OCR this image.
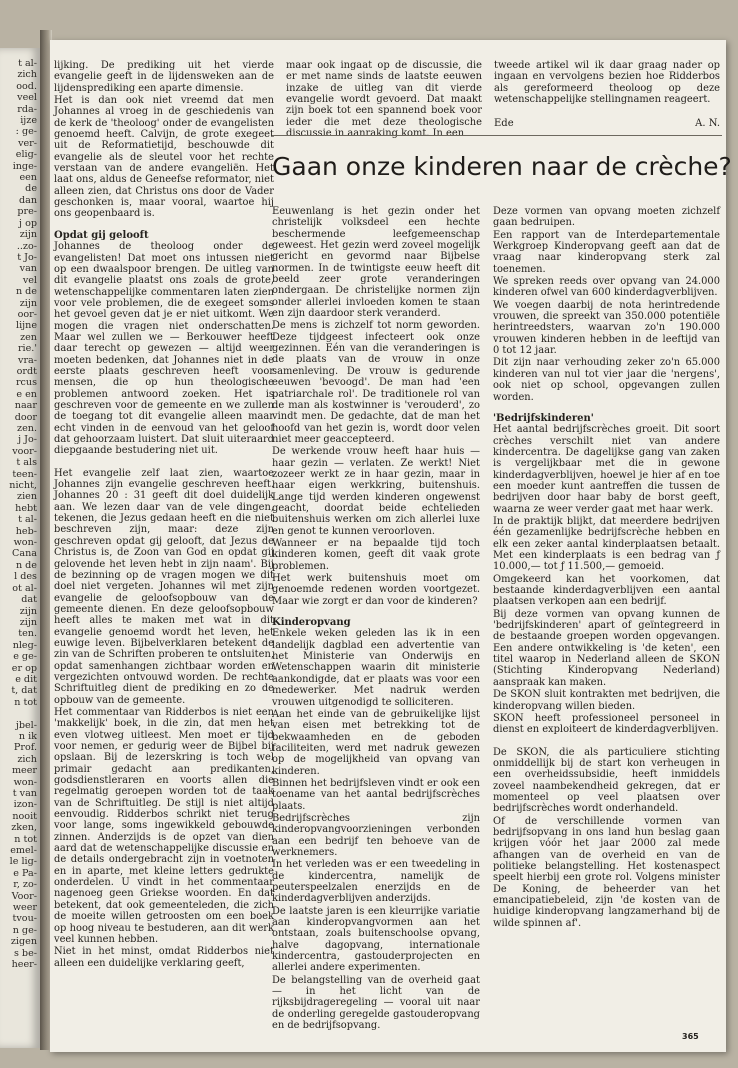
t al-
zich
ood.
veel
rda-
ijze
: ge-
ver-
elig-
inge-
een
de
dan
pre-
j op
zijn
..zo-
t Jo-
van
vel
n de
zijn
oor-
lijne
zen
rie.'
vra-
ordt
rcus
e en
naar
door
zen.
j Jo-
voor-
t als
teen-
nicht,
zien
hebt
t al-
heb-
won-
Cana
n de
l des
ot al-
dat
zijn
zijn
ten.
nleg-
e ge-
er op
e dit
t, dat
n tot

jbel-
n ik
Prof.
zich
meer
won-
t van
izon-
nooit
zken,
n tot
emel-
le lig-
e Pa-
r, zo-
Voor-
weer
tvou-
n ge-
zigen
s be-
heer-

lijking. De prediking uit het vierde evangelie geeft in de lijdensweken aan de lijdensprediking een aparte dimensie.

Het is dan ook niet vreemd dat men Johannes al vroeg in de geschiedenis van de kerk de 'theoloog' onder de evangelisten genoemd heeft. Calvijn, de grote exegeet uit de Reformatietijd, beschouwde dit evangelie als de sleutel voor het rechte verstaan van de andere evangeliën. Het laat ons, aldus de Geneefse reformator, niet alleen zien, dat Christus ons door de Vader geschonken is, maar vooral, waartoe hij ons geopenbaard is.

Opdat gij gelooft

Johannes de theoloog onder de evangelisten! Dat moet ons intussen niet op een dwaalspoor brengen. De uitleg van dit evangelie plaatst ons zoals de grote, wetenschappelijke commentaren laten zien voor vele problemen, die de exegeet soms het gevoel geven dat je er niet uitkomt. We mogen die vragen niet onderschatten. Maar wel zullen we — Berkouwer heeft daar terecht op gewezen — altijd weer moeten bedenken, dat Johannes niet in de eerste plaats geschreven heeft voor mensen, die op hun theologische problemen antwoord zoeken. Het is geschreven voor de gemeente en we zullen de toegang tot dit evangelie alleen maar echt vinden in de eenvoud van het geloof dat gehoorzaam luistert. Dat sluit uiteraard diepgaande bestudering niet uit.

Het evangelie zelf laat zien, waartoe Johannes zijn evangelie geschreven heeft. Johannes 20 : 31 geeft dit doel duidelijk aan. We lezen daar van de vele dingen, tekenen, die Jezus gedaan heeft en die niet beschreven zijn, maar: deze zijn geschreven opdat gij gelooft, dat Jezus de Christus is, de Zoon van God en opdat gij gelovende het leven hebt in zijn naam'. Bij de bezinning op de vragen mogen we dit doel niet vergeten. Johannes wil met zijn evangelie de geloofsopbouw van de gemeente dienen. En deze geloofsopbouw heeft alles te maken met wat in dit evangelie genoemd wordt het leven, het euwige leven. Bijbelverklaren betekent de zin van de Schriften proberen te ontsluiten, opdat samenhangen zichtbaar worden en vergezichten ontvouwd worden. De rechte Schriftuitleg dient de prediking en zo de opbouw van de gemeente.

Het commentaar van Ridderbos is niet een 'makkelijk' boek, in die zin, dat men het even vlotweg uitleest. Men moet er tijd voor nemen, er gedurig weer de Bijbel bij opslaan. Bij de lezerskring is toch wel primair gedacht aan predikanten, godsdienstleraren en voorts allen die regelmatig geroepen worden tot de taak van de Schriftuitleg. De stijl is niet altijd eenvoudig. Ridderbos schrikt niet terug voor lange, soms ingewikkeld gebouwde zinnen. Anderzijds is de opzet van dien aard dat de wetenschappelijke discussie en de details ondergebracht zijn in voetnoten en in aparte, met kleine letters gedrukte onderdelen. U vindt in het commentaar nagenoeg geen Griekse woorden. En dat betekent, dat ook gemeenteleden, die zich de moeite willen getroosten om een boek op hoog niveau te bestuderen, aan dit werk veel kunnen hebben.

Niet in het minst, omdat Ridderbos niet alleen een duidelijke verklaring geeft,

maar ook ingaat op de discussie, die er met name sinds de laatste eeuwen inzake de uitleg van dit vierde evangelie wordt gevoerd. Dat maakt zijn boek tot een spannend boek voor ieder die met deze theologische discussie in aanraking komt. In een

tweede artikel wil ik daar graag nader op ingaan en vervolgens bezien hoe Ridderbos als gereformeerd theoloog op deze wetenschappelijke stellingnamen reageert.

Ede	A. N.
Gaan onze kinderen naar de crèche?

Eeuwenlang is het gezin onder het christelijk volksdeel een hechte beschermende leefgemeenschap geweest. Het gezin werd zoveel mogelijk gericht en gevormd naar Bijbelse normen. In de twintigste eeuw heeft dit beeld zeer grote veranderingen ondergaan. De christelijke normen zijn onder allerlei invloeden komen te staan en zijn daardoor sterk veranderd.

De mens is zichzelf tot norm geworden. Deze tijdgeest infecteert ook onze gezinnen. Eén van die veranderingen is de plaats van de vrouw in onze samenleving. De vrouw is gedurende eeuwen 'bevoogd'. De man had 'een patriarchale rol'. De traditionele rol van de man als kostwinner is 'verouderd', zo vindt men. De gedachte, dat de man het hoofd van het gezin is, wordt door velen niet meer geaccepteerd.

De werkende vrouw heeft haar huis — haar gezin — verlaten. Ze werkt! Niet zozeer werkt ze in haar gezin, maar in haar eigen werkkring, buitenshuis. Lange tijd werden kinderen ongewenst geacht, doordat beide echtelieden buitenshuis werken om zich allerlei luxe en genot te kunnen veroorloven.

Wanneer er na bepaalde tijd toch kinderen komen, geeft dit vaak grote problemen.

Het werk buitenshuis moet om genoemde redenen worden voortgezet. Maar wie zorgt er dan voor de kinderen?

Kinderopvang

Enkele weken geleden las ik in een landelijk dagblad een advertentie van het Ministerie van Onderwijs en Wetenschappen waarin dit ministerie aankondigde, dat er plaats was voor een medewerker. Met nadruk werden vrouwen uitgenodigd te solliciteren.

Aan het einde van de gebruikelijke lijst van eisen met betrekking tot de bekwaamheden en de geboden faciliteiten, werd met nadruk gewezen op de mogelijkheid van opvang van kinderen.

Binnen het bedrijfsleven vindt er ook een toename van het aantal bedrijfscrèches plaats.

Bedrijfscrèches zijn kinderopvangvoorzieningen verbonden aan een bedrijf ten behoeve van de werknemers.

In het verleden was er een tweedeling in de kindercentra, namelijk de peuterspeelzalen enerzijds en de kinderdagverblijven anderzijds.

De laatste jaren is een kleurrijke variatie aan kinderopvangvormen aan het ontstaan, zoals buitenschoolse opvang, halve dagopvang, internationale kindercentra, gastouderprojecten en allerlei andere experimenten.

De belangstelling van de overheid gaat — in het licht van de rijksbijdrageregeling — vooral uit naar de onderling geregelde gastouderopvang en de bedrijfsopvang.

Deze vormen van opvang moeten zichzelf gaan bedruipen.

Een rapport van de Interdepartementale Werkgroep Kinderopvang geeft aan dat de vraag naar kinderopvang sterk zal toenemen.

We spreken reeds over opvang van 24.000 kinderen ofwel van 600 kinderdagverblijven.

We voegen daarbij de nota herintredende vrouwen, die spreekt van 350.000 potentiële herintreedsters, waarvan zo'n 190.000 vrouwen kinderen hebben in de leeftijd van 0 tot 12 jaar.

Dit zijn naar verhouding zeker zo'n 65.000 kinderen van nul tot vier jaar die 'nergens', ook niet op school, opgevangen zullen worden.

'Bedrijfskinderen'

Het aantal bedrijfscrèches groeit. Dit soort crèches verschilt niet van andere kindercentra. De dagelijkse gang van zaken is vergelijkbaar met die in gewone kinderdagverblijven, hoewel je hier af en toe een moeder kunt aantreffen die tussen de bedrijven door haar baby de borst geeft, waarna ze weer verder gaat met haar werk.

In de praktijk blijkt, dat meerdere bedrijven één gezamenlijke bedrijfscrèche hebben en elk een zeker aantal kinderplaatsen betaalt. Met een kinderplaats is een bedrag van ƒ 10.000,— tot ƒ 11.500,— gemoeid.

Omgekeerd kan het voorkomen, dat bestaande kinderdagverblijven een aantal plaatsen verkopen aan een bedrijf.

Bij deze vormen van opvang kunnen de 'bedrijfskinderen' apart of geïntegreerd in de bestaande groepen worden opgevangen. Een andere ontwikkeling is 'de keten', een titel waarop in Nederland alleen de SKON (Stichting Kinderopvang Nederland) aanspraak kan maken.

De SKON sluit kontrakten met bedrijven, die kinderopvang willen bieden.

SKON heeft professioneel personeel in dienst en exploiteert de kinderdagverblijven.

De SKON, die als particuliere stichting onmiddellijk bij de start kon verheugen in een overheidssubsidie, heeft inmiddels zoveel naambekendheid gekregen, dat er momenteel op veel plaatsen over bedrijfscrèches wordt onderhandeld.

Of de verschillende vormen van bedrijfsopvang in ons land hun beslag gaan krijgen vóór het jaar 2000 zal mede afhangen van de overheid en van de politieke belangstelling. Het kostenaspect speelt hierbij een grote rol. Volgens minister De Koning, de beheerder van het emancipatiebeleid, zijn 'de kosten van de huidige kinderopvang langzamerhand bij de wilde spinnen af'.

365
